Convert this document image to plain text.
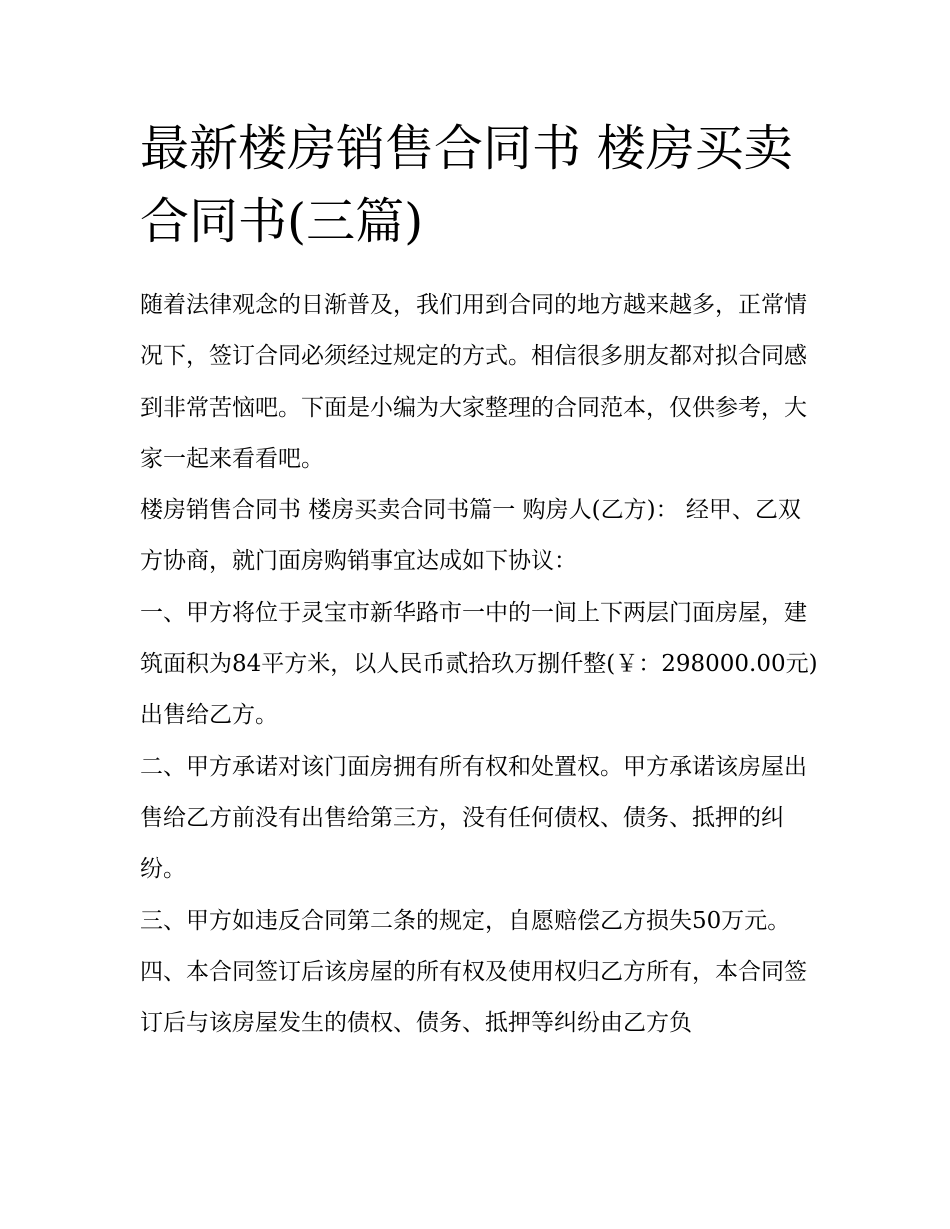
最新楼房销售合同书 楼房买卖合同书(三篇)

随着法律观念的日渐普及，我们用到合同的地方越来越多，正常情况下，签订合同必须经过规定的方式。相信很多朋友都对拟合同感到非常苦恼吧。下面是小编为大家整理的合同范本，仅供参考，大家一起来看看吧。

楼房销售合同书 楼房买卖合同书篇一 购房人(乙方)： 经甲、乙双方协商，就门面房购销事宜达成如下协议：

一、甲方将位于灵宝市新华路市一中的一间上下两层门面房屋，建筑面积为84平方米，以人民币贰拾玖万捌仟整(￥：298000.00元)出售给乙方。

二、甲方承诺对该门面房拥有所有权和处置权。甲方承诺该房屋出售给乙方前没有出售给第三方，没有任何债权、债务、抵押的纠纷。

三、甲方如违反合同第二条的规定，自愿赔偿乙方损失50万元。

四、本合同签订后该房屋的所有权及使用权归乙方所有，本合同签订后与该房屋发生的债权、债务、抵押等纠纷由乙方负
